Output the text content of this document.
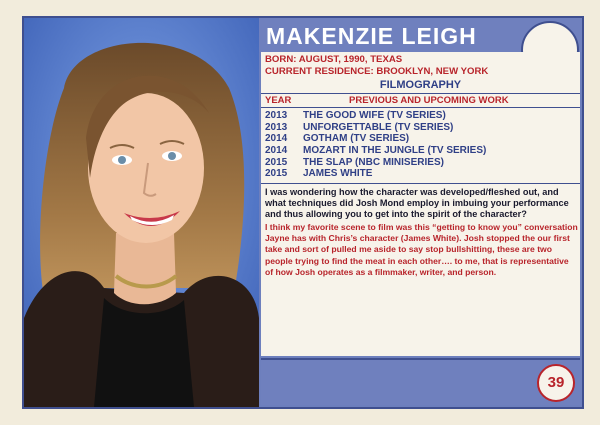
MAKENZIE LEIGH
BORN: AUGUST, 1990, TEXAS
CURRENT RESIDENCE: BROOKLYN, NEW YORK
FILMOGRAPHY
YEAR	PREVIOUS AND UPCOMING WORK
2013	THE GOOD WIFE (TV SERIES)
2013	UNFORGETTABLE (TV SERIES)
2014	GOTHAM (TV SERIES)
2014	MOZART IN THE JUNGLE (TV SERIES)
2015	THE SLAP (NBC MINISERIES)
2015	JAMES WHITE
I was wondering how the character was developed/fleshed out, and what techniques did Josh Mond employ in imbuing your performance and thus allowing you to get into the spirit of the character?
I think my favorite scene to film was this “getting to know you” conversation Jayne has with Chris’s character (James White). Josh stopped the our first take and sort of pulled me aside to say stop bullshitting, these are two people trying to find the meat in each other…. to me, that is representative of how Josh operates as a filmmaker, writer, and person.
39
